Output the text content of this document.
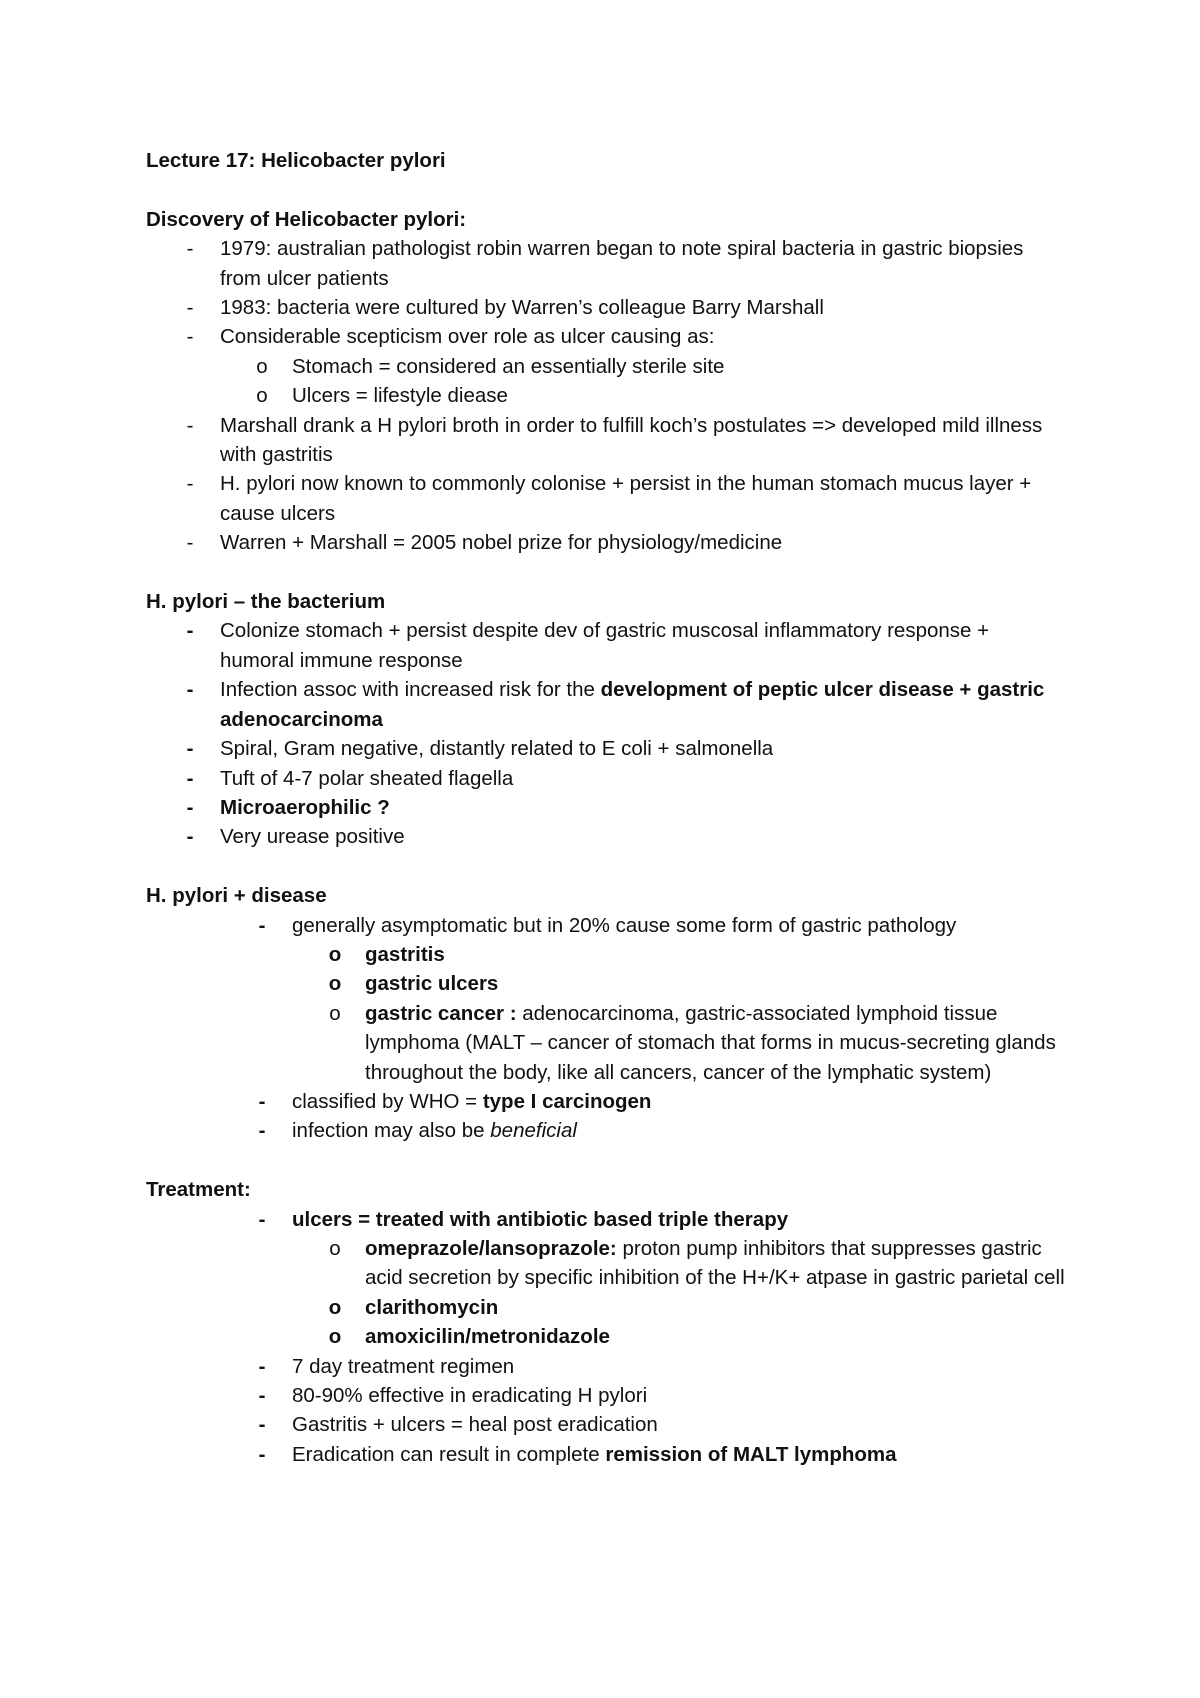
Lecture 17: Helicobacter pylori

Discovery of Helicobacter pylori:

-	1979: australian pathologist robin warren began to note spiral bacteria in gastric biopsies from ulcer patients
-	1983: bacteria were cultured by Warren’s colleague Barry Marshall
-	Considerable scepticism over role as ulcer causing as:
o Stomach = considered an essentially sterile site
o Ulcers = lifestyle diease
-	Marshall drank a H pylori broth in order to fulfill koch’s postulates => developed mild illness with gastritis
-	H. pylori now known to commonly colonise + persist in the human stomach mucus layer + cause ulcers
-	Warren + Marshall = 2005 nobel prize for physiology/medicine

H. pylori – the bacterium

-	Colonize stomach + persist despite dev of gastric muscosal inflammatory response + humoral immune response
-	Infection assoc with increased risk for the development of peptic ulcer disease + gastric adenocarcinoma
-	Spiral, Gram negative, distantly related to E coli + salmonella
-	Tuft of 4-7 polar sheated flagella
-	Microaerophilic ?
-	Very urease positive

H. pylori + disease

-	generally asymptomatic but in 20% cause some form of gastric pathology
o gastritis
o gastric ulcers
o gastric cancer : adenocarcinoma, gastric-associated lymphoid tissue lymphoma (MALT – cancer of stomach that forms in mucus-secreting glands throughout the body, like all cancers, cancer of the lymphatic system)
-	classified by WHO = type I carcinogen
-	infection may also be beneficial

Treatment:

-	ulcers = treated with antibiotic based triple therapy
o omeprazole/lansoprazole: proton pump inhibitors that suppresses gastric acid secretion by specific inhibition of the H+/K+ atpase in gastric parietal cell
o clarithomycin
o amoxicilin/metronidazole
-	7 day treatment regimen
-	80-90% effective in eradicating H pylori
-	Gastritis + ulcers = heal post eradication
-	Eradication can result in complete remission of MALT lymphoma
